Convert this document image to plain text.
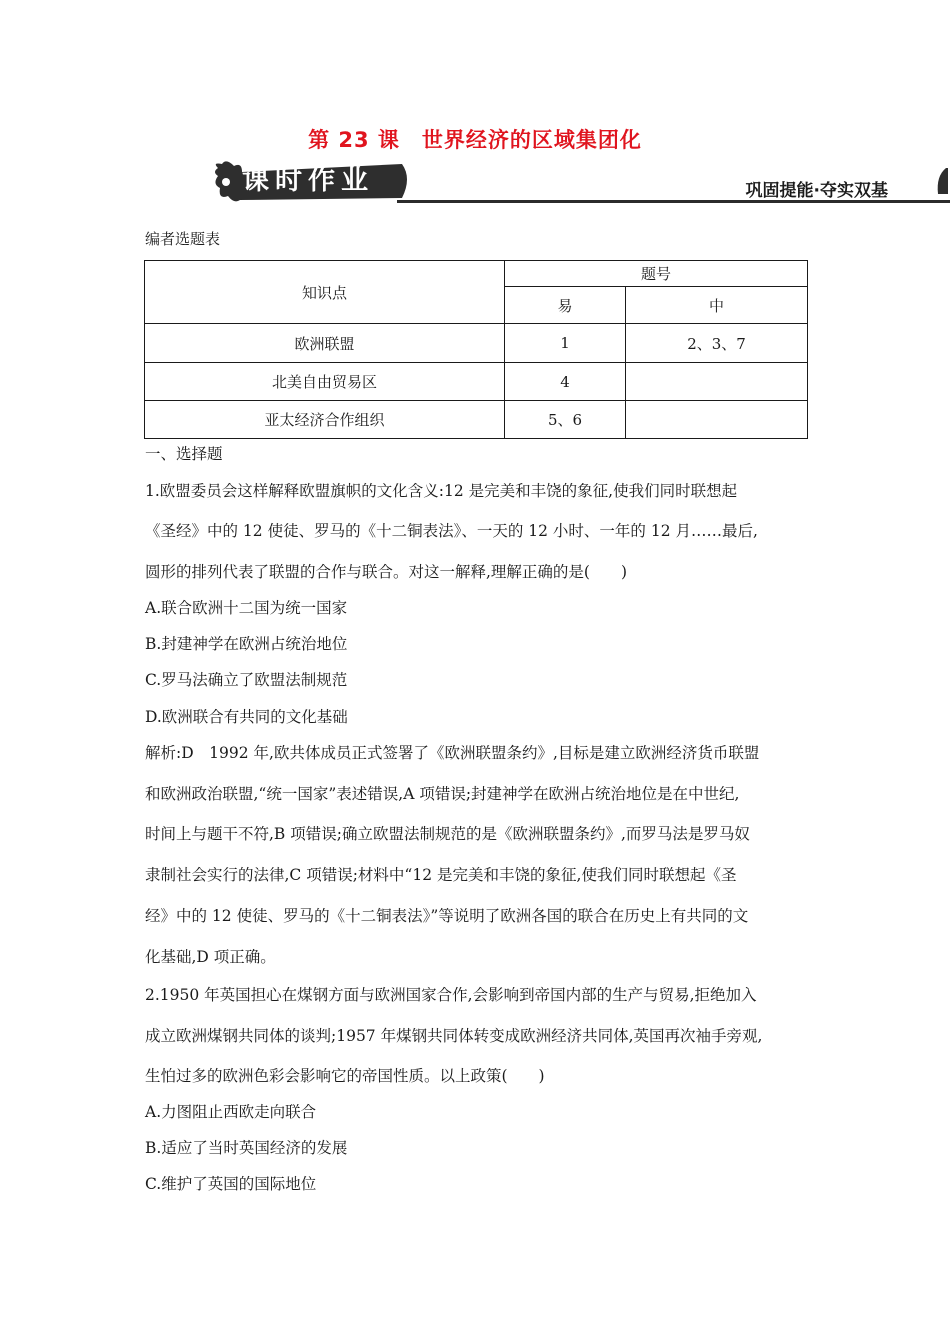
第 23 课　世界经济的区域集团化
课时作业	巩固提能·夺实双基
编者选题表
知识点	题号	
	易	中
欧洲联盟	1	2、3、7
北美自由贸易区	4	
亚太经济合作组织	5、6	
一、选择题
1.欧盟委员会这样解释欧盟旗帜的文化含义:12 是完美和丰饶的象征,使我们同时联想起
《圣经》中的 12 使徒、罗马的《十二铜表法》、一天的 12 小时、一年的 12 月……最后,
圆形的排列代表了联盟的合作与联合。对这一解释,理解正确的是(　　)
A.联合欧洲十二国为统一国家
B.封建神学在欧洲占统治地位
C.罗马法确立了欧盟法制规范
D.欧洲联合有共同的文化基础
解析:D　1992 年,欧共体成员正式签署了《欧洲联盟条约》,目标是建立欧洲经济货币联盟
和欧洲政治联盟,“统一国家”表述错误,A 项错误;封建神学在欧洲占统治地位是在中世纪,
时间上与题干不符,B 项错误;确立欧盟法制规范的是《欧洲联盟条约》,而罗马法是罗马奴
隶制社会实行的法律,C 项错误;材料中“12 是完美和丰饶的象征,使我们同时联想起《圣
经》中的 12 使徒、罗马的《十二铜表法》”等说明了欧洲各国的联合在历史上有共同的文
化基础,D 项正确。
2.1950 年英国担心在煤钢方面与欧洲国家合作,会影响到帝国内部的生产与贸易,拒绝加入
成立欧洲煤钢共同体的谈判;1957 年煤钢共同体转变成欧洲经济共同体,英国再次袖手旁观,
生怕过多的欧洲色彩会影响它的帝国性质。以上政策(　　)
A.力图阻止西欧走向联合
B.适应了当时英国经济的发展
C.维护了英国的国际地位
